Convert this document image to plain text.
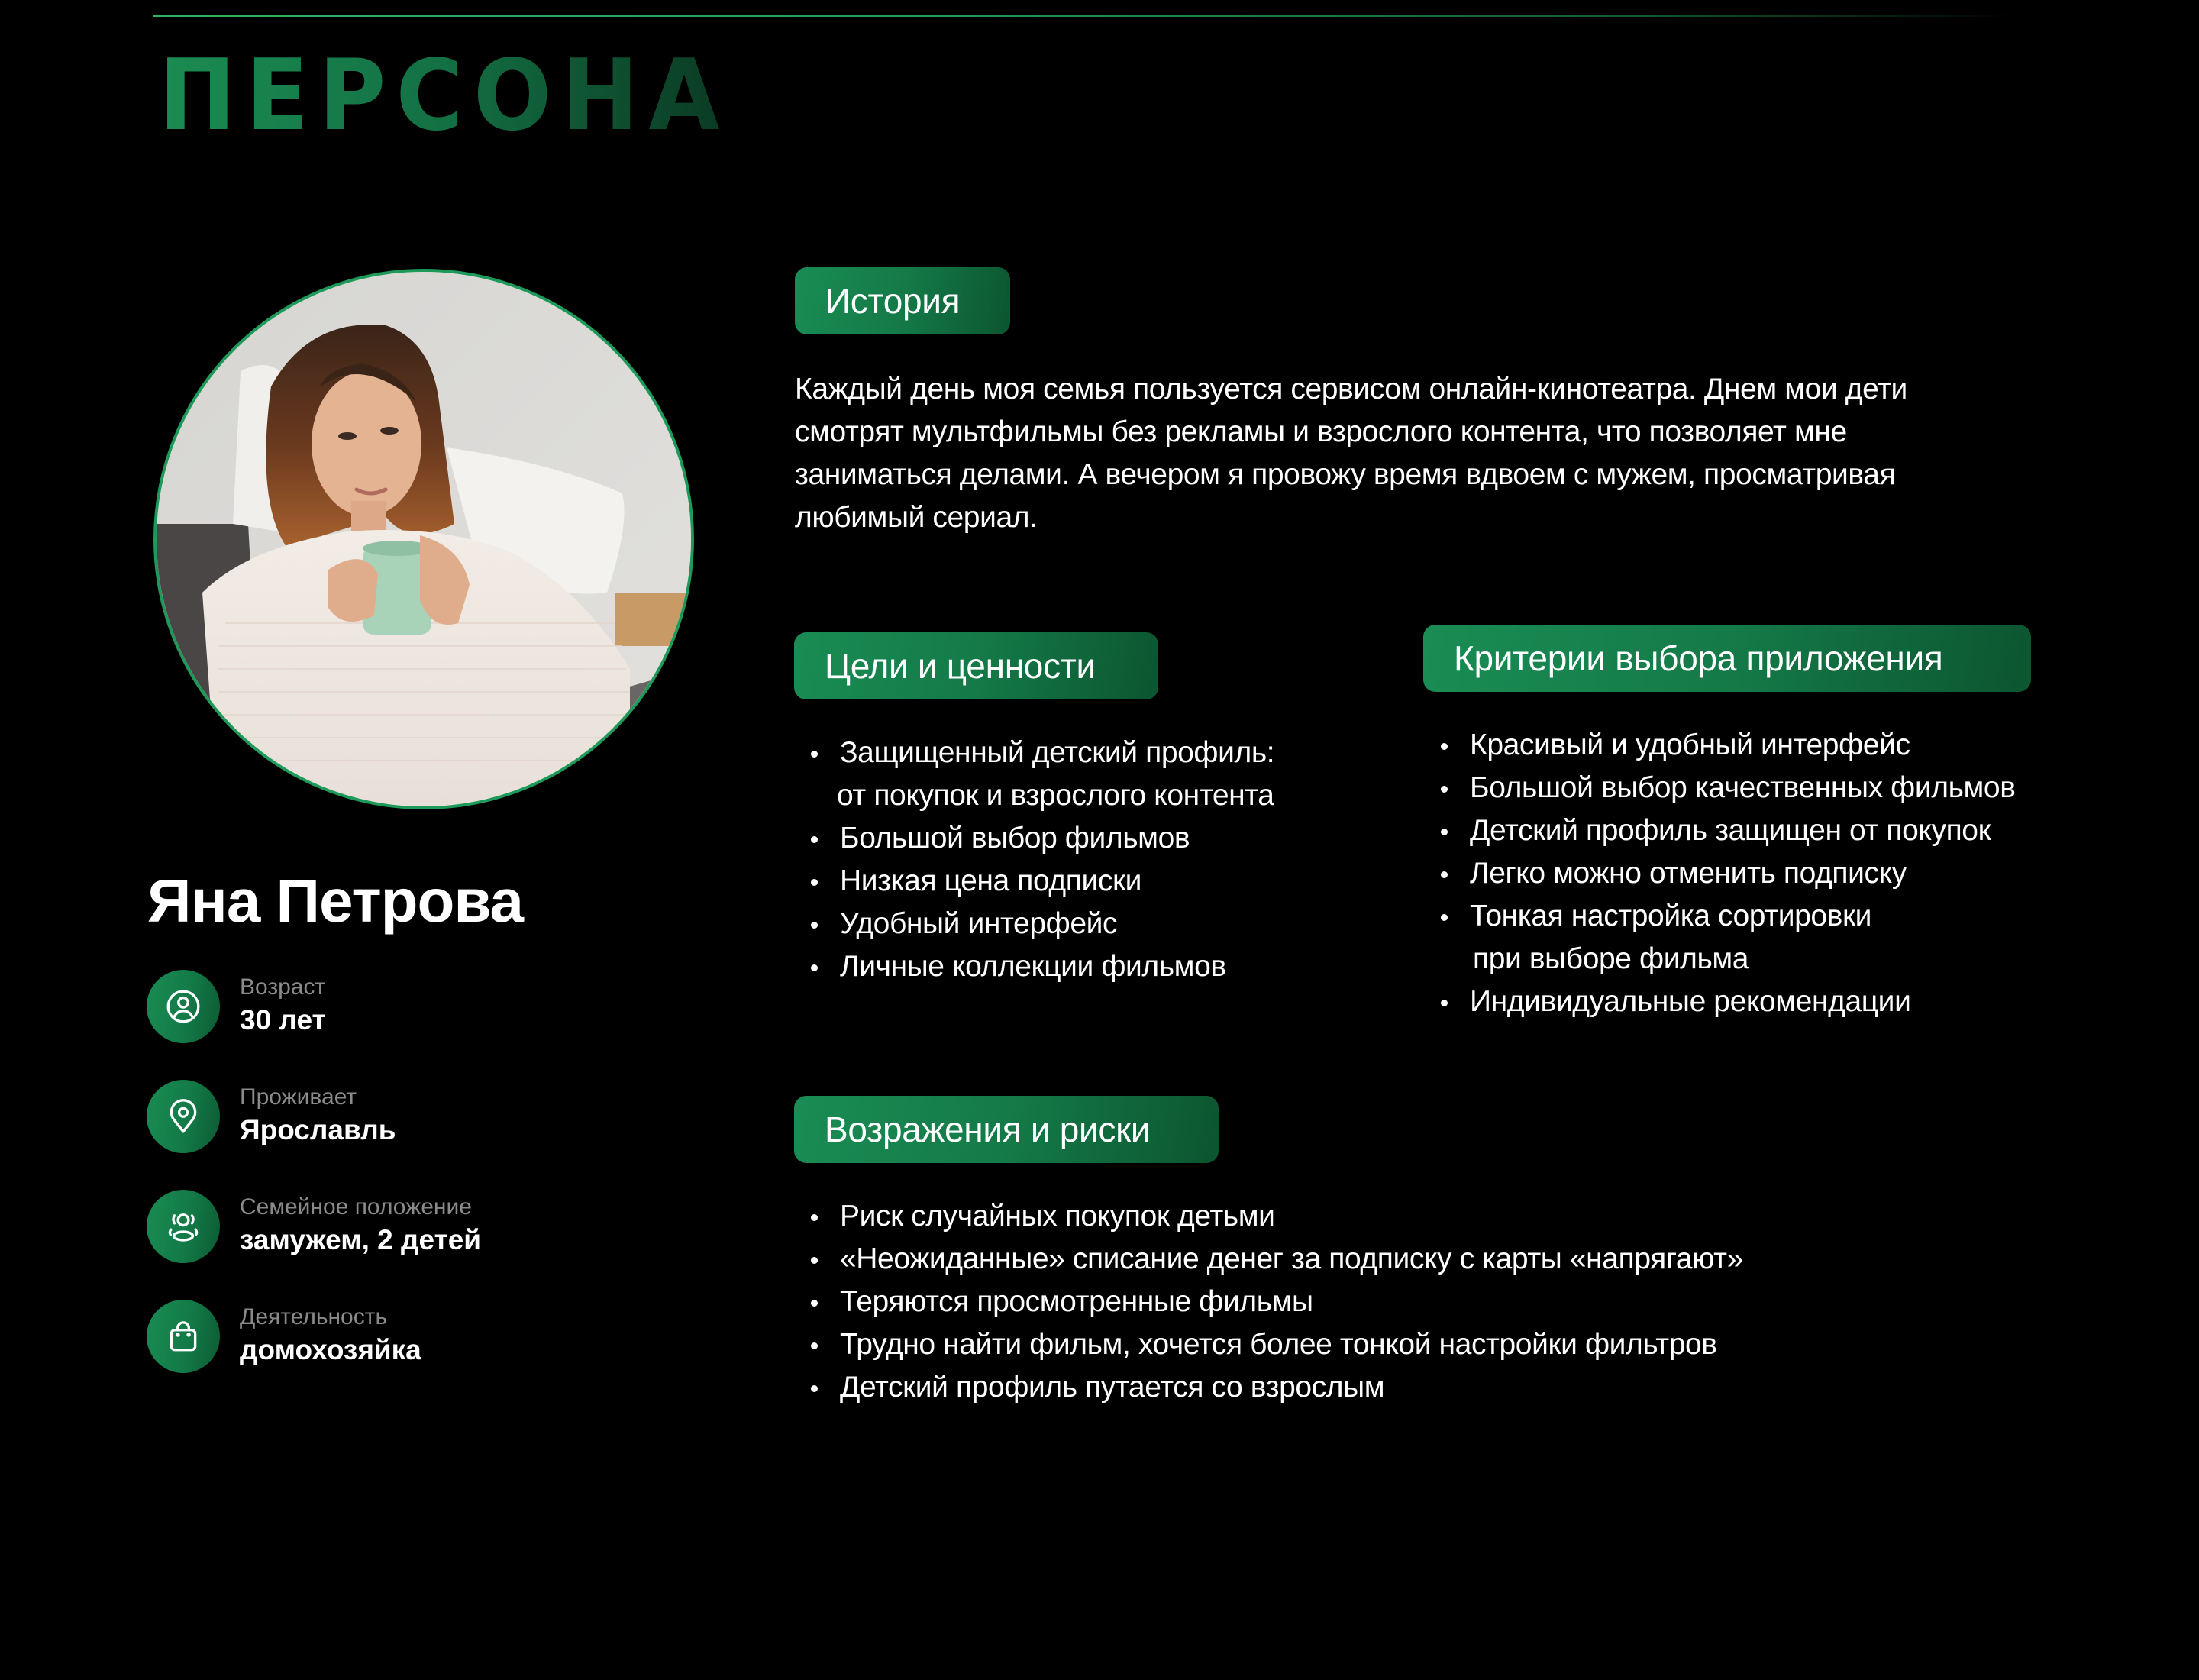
ПЕРСОНА
Яна Петрова
Возраст
30 лет
Проживает
Ярославль
Семейное положение
замужем, 2 детей
Деятельность
домохозяйка
История

Каждый день моя семья пользуется сервисом онлайн-кинотеатра. Днем мои дети
смотрят мультфильмы без рекламы и взрослого контента, что позволяет мне
заниматься делами. А вечером я провожу время вдвоем с мужем, просматривая
любимый сериал.

Цели и ценности
Защищенный детский профиль:
от покупок и взрослого контента
Большой выбор фильмов
Низкая цена подписки
Удобный интерфейс
Личные коллекции фильмов
Критерии выбора приложения
Красивый и удобный интерфейс
Большой выбор качественных фильмов
Детский профиль защищен от покупок
Легко можно отменить подписку
Тонкая настройка сортировки
при выборе фильма
Индивидуальные рекомендации
Возражения и риски
Риск случайных покупок детьми
«Неожиданные» списание денег за подписку с карты «напрягают»
Теряются просмотренные фильмы
Трудно найти фильм, хочется более тонкой настройки фильтров
Детский профиль путается со взрослым
